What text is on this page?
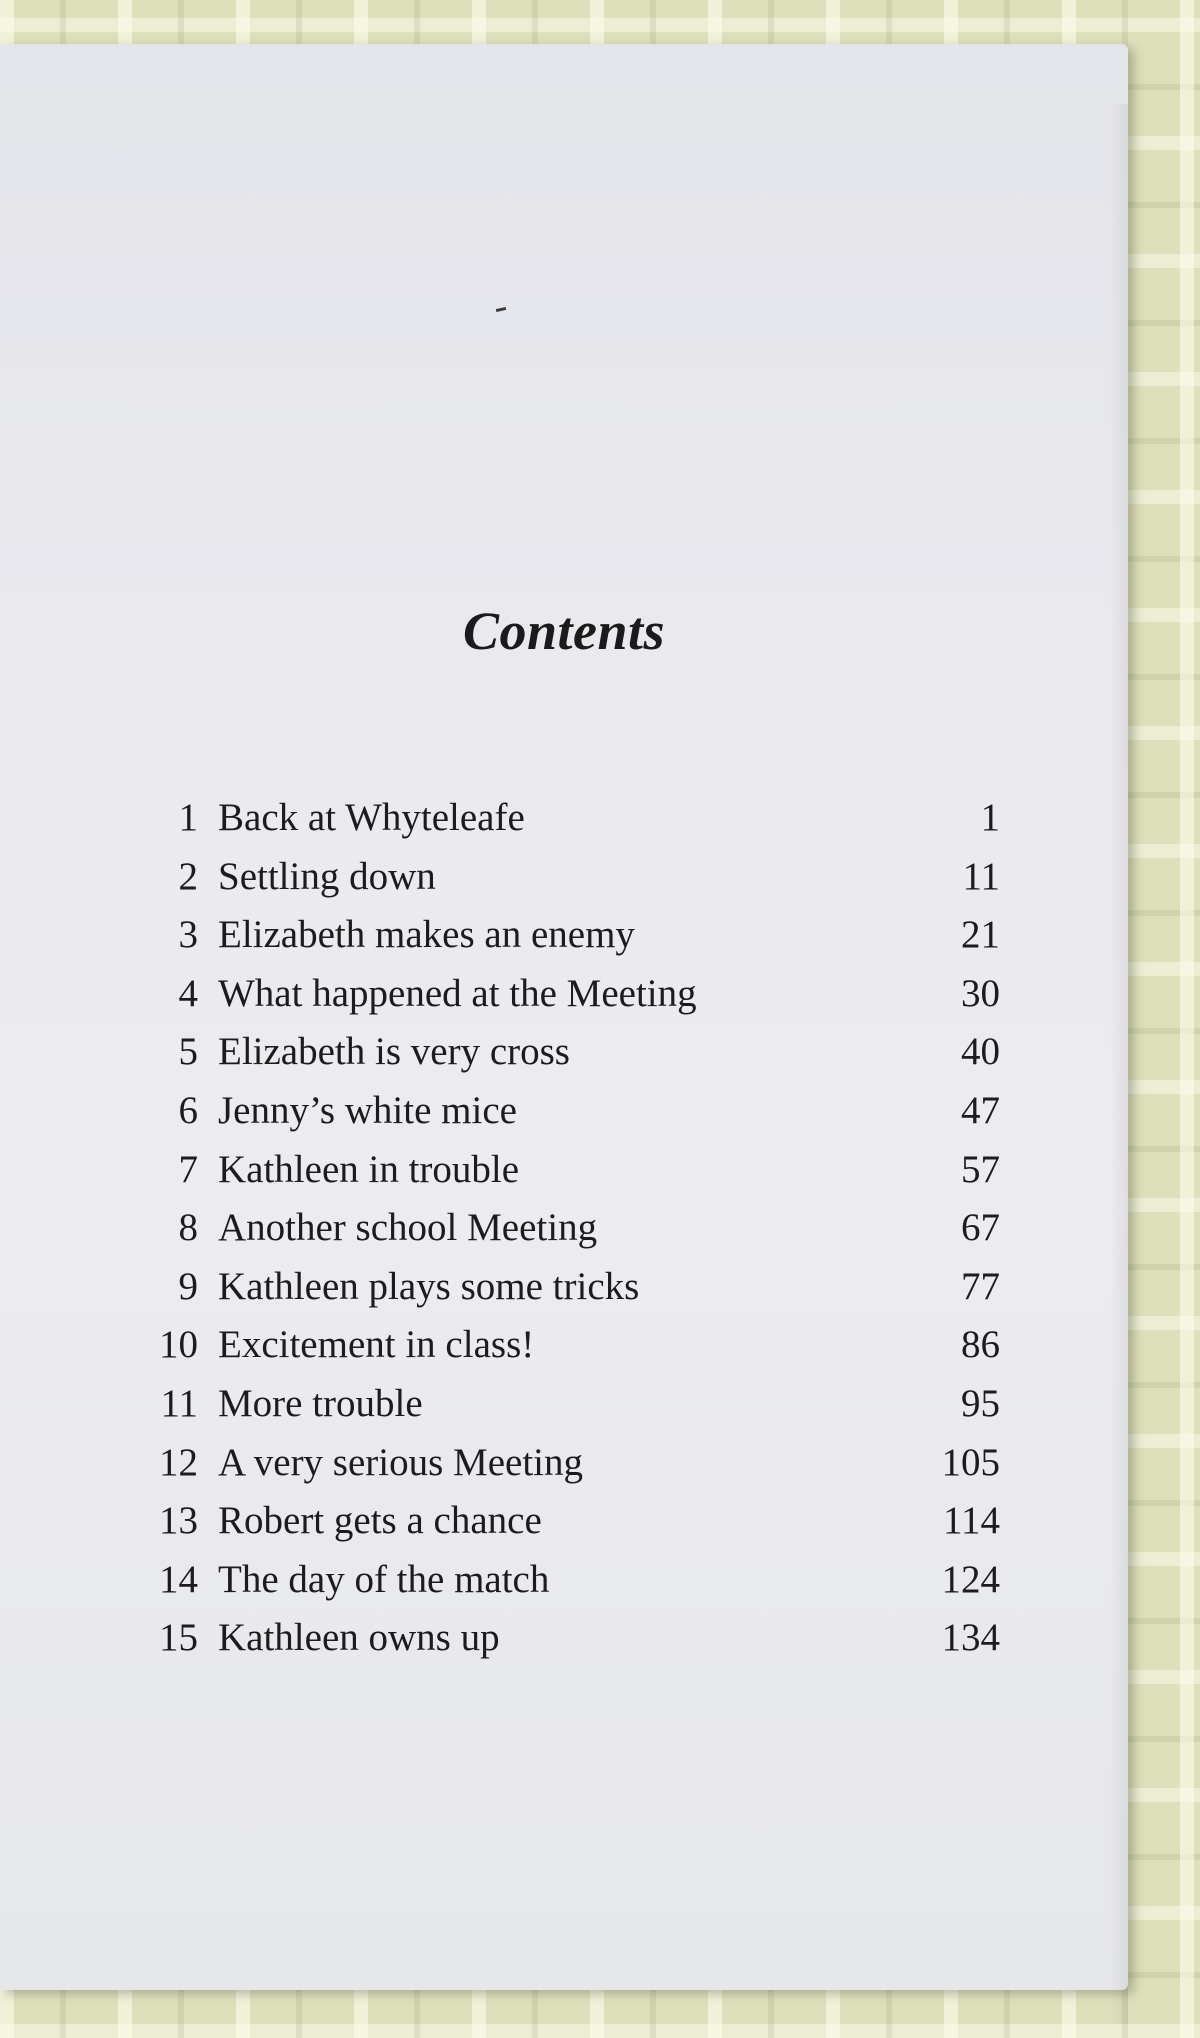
Contents
1 Back at Whyteleafe	1
2 Settling down	11
3 Elizabeth makes an enemy	21
4 What happened at the Meeting	30
5 Elizabeth is very cross	40
6 Jenny’s white mice	47
7 Kathleen in trouble	57
8 Another school Meeting	67
9 Kathleen plays some tricks	77
10 Excitement in class!	86
11 More trouble	95
12 A very serious Meeting	105
13 Robert gets a chance	114
14 The day of the match	124
15 Kathleen owns up	134
